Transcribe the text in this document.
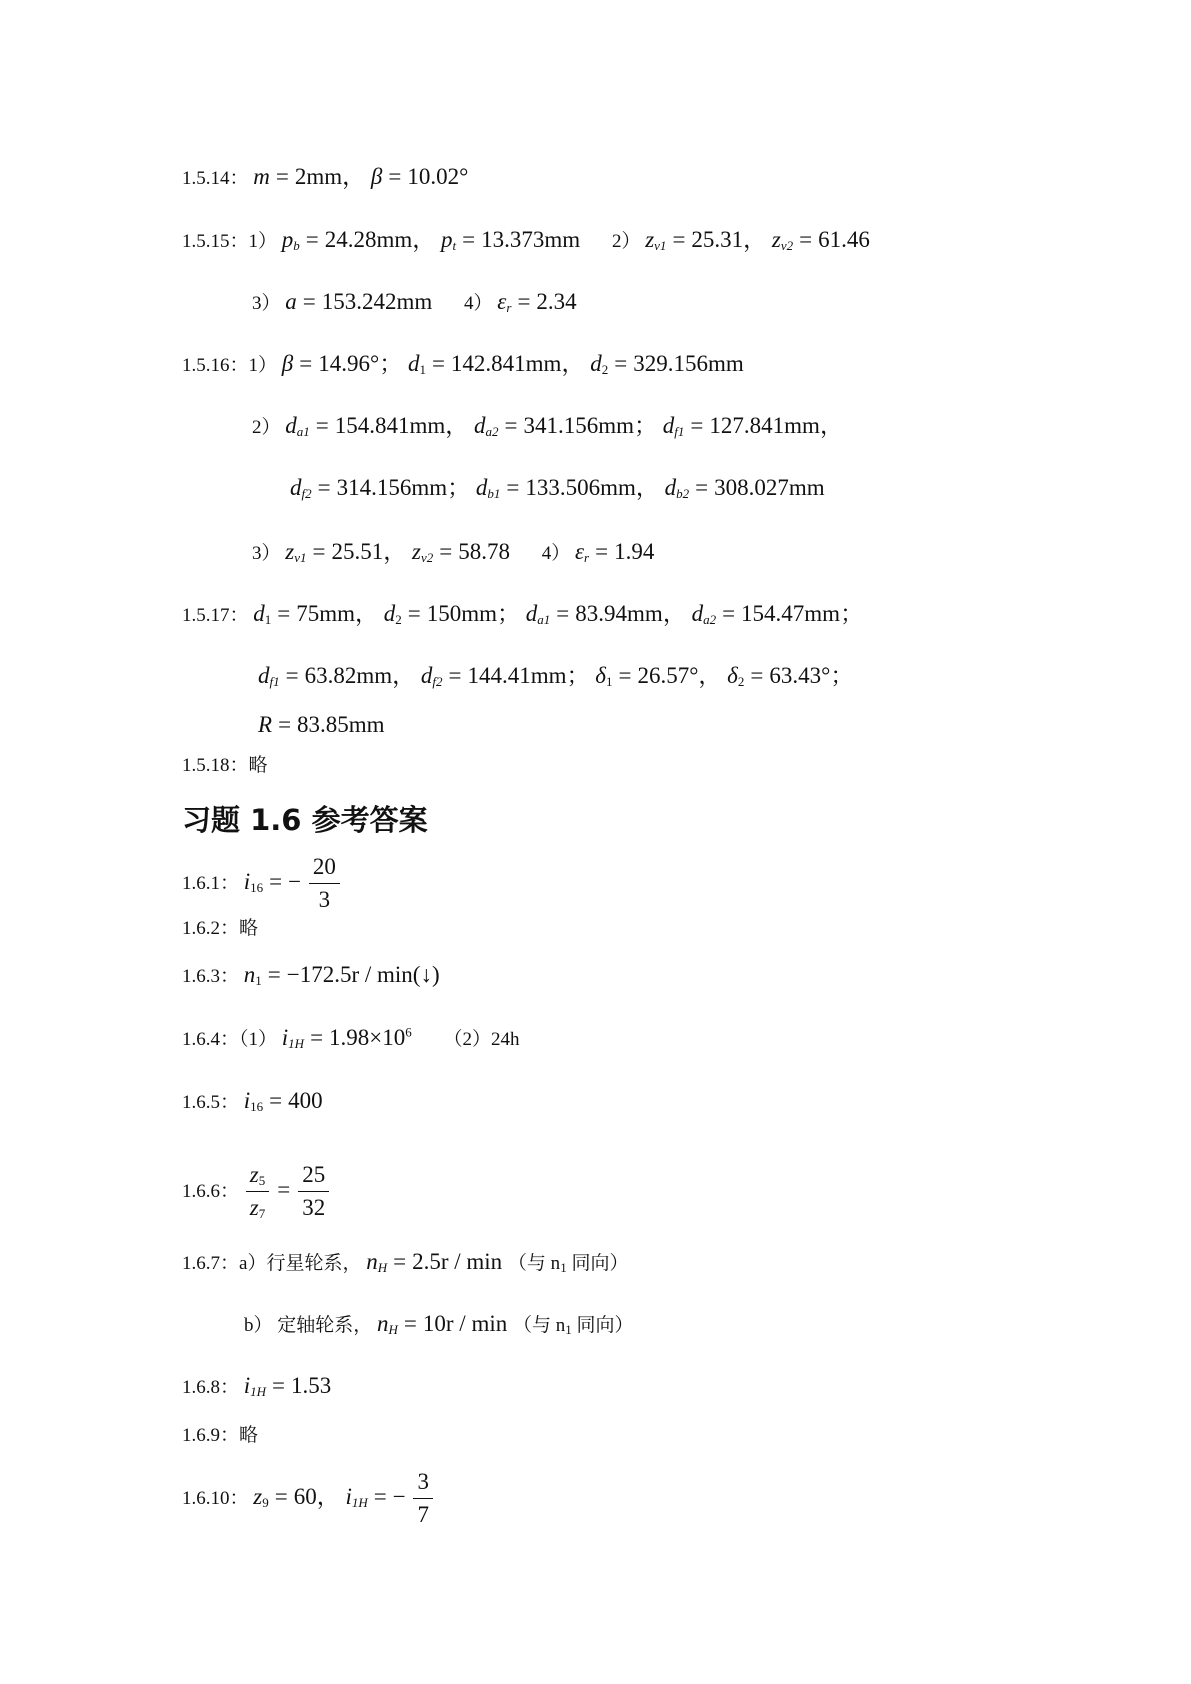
1.5.14： m = 2mm， β = 10.02°
1.5.15：1） $p_b = 24.28mm$， $p_t = 13.373mm$ 2） $z_{v1} = 25.31$， $z_{v2} = 61.46$
3） a = 153.242mm 4） $\varepsilon_r = 2.34$
1.5.16：1） β = 14.96°； $d_1 = 142.841mm$， $d_2 = 329.156mm$
2） $d_{a1} = 154.841mm$， $d_{a2} = 341.156mm$； $d_{f1} = 127.841mm$，
$d_{f2} = 314.156mm$； $d_{b1} = 133.506mm$， $d_{b2} = 308.027mm$
3） $z_{v1} = 25.51$， $z_{v2} = 58.78$ 4） $\varepsilon_r = 1.94$
1.5.17： $d_1 = 75mm$， $d_2 = 150mm$； $d_{a1} = 83.94mm$， $d_{a2} = 154.47mm$；
$d_{f1} = 63.82mm$， $d_{f2} = 144.41mm$； $\delta_1 = 26.57^\circ$， $\delta_2 = 63.43^\circ$；
R = 83.85mm
1.5.18：略
习题 1.6 参考答案
1.6.1： $i_{16}$ = − $\frac{20}{3}$
1.6.2：略
1.6.3： $n_1 = -172.5r$ / min(↓)
1.6.4：（1） $i_{1H} = 1.98\times 10^6$ （2）24h
1.6.5： $i_{16} = 400$
1.6.6： $\frac{z_5}{z_7} = \frac{25}{32}$
1.6.7：a）行星轮系， $n_H = 2.5r / \min$ （与 $n_1$ 同向）
b） 定轴轮系， $n_H = 10r / \min$ （与 $n_1$ 同向）
1.6.8： $i_{1H} = 1.53$
1.6.9：略
1.6.10： $z_9 = 60$， $i_{1H}$ = − $\frac{3}{7}$
